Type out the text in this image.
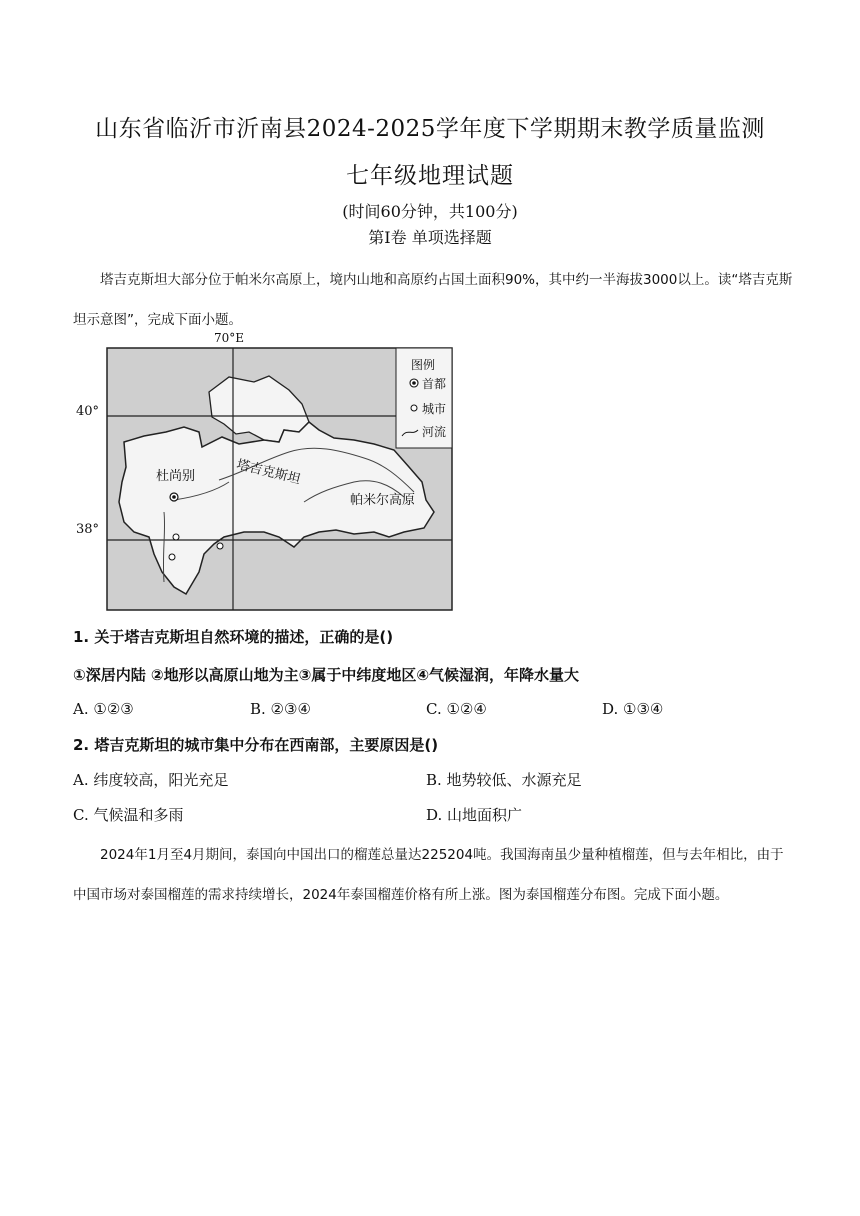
山东省临沂市沂南县2024-2025学年度下学期期末教学质量监测
七年级地理试题
(时间60分钟，共100分)
第I卷 单项选择题
塔吉克斯坦大部分位于帕米尔高原上，境内山地和高原约占国土面积90%，其中约一半海拔3000以上。读“塔吉克斯坦示意图”，完成下面小题。
杜尚别	塔吉克斯坦
帕米尔高原
70°E
图例
首都
城市
河流
40°
38°
1. 关于塔吉克斯坦自然环境的描述，正确的是()
①深居内陆 ②地形以高原山地为主③属于中纬度地区④气候湿润，年降水量大
A. ①②③	B. ②③④	C. ①②④	D. ①③④
2. 塔吉克斯坦的城市集中分布在西南部，主要原因是()
A. 纬度较高，阳光充足	B. 地势较低、水源充足
C. 气候温和多雨	D. 山地面积广
2024年1月至4月期间，泰国向中国出口的榴莲总量达225204吨。我国海南虽少量种植榴莲，但与去年相比，由于中国市场对泰国榴莲的需求持续增长，2024年泰国榴莲价格有所上涨。图为泰国榴莲分布图。完成下面小题。
